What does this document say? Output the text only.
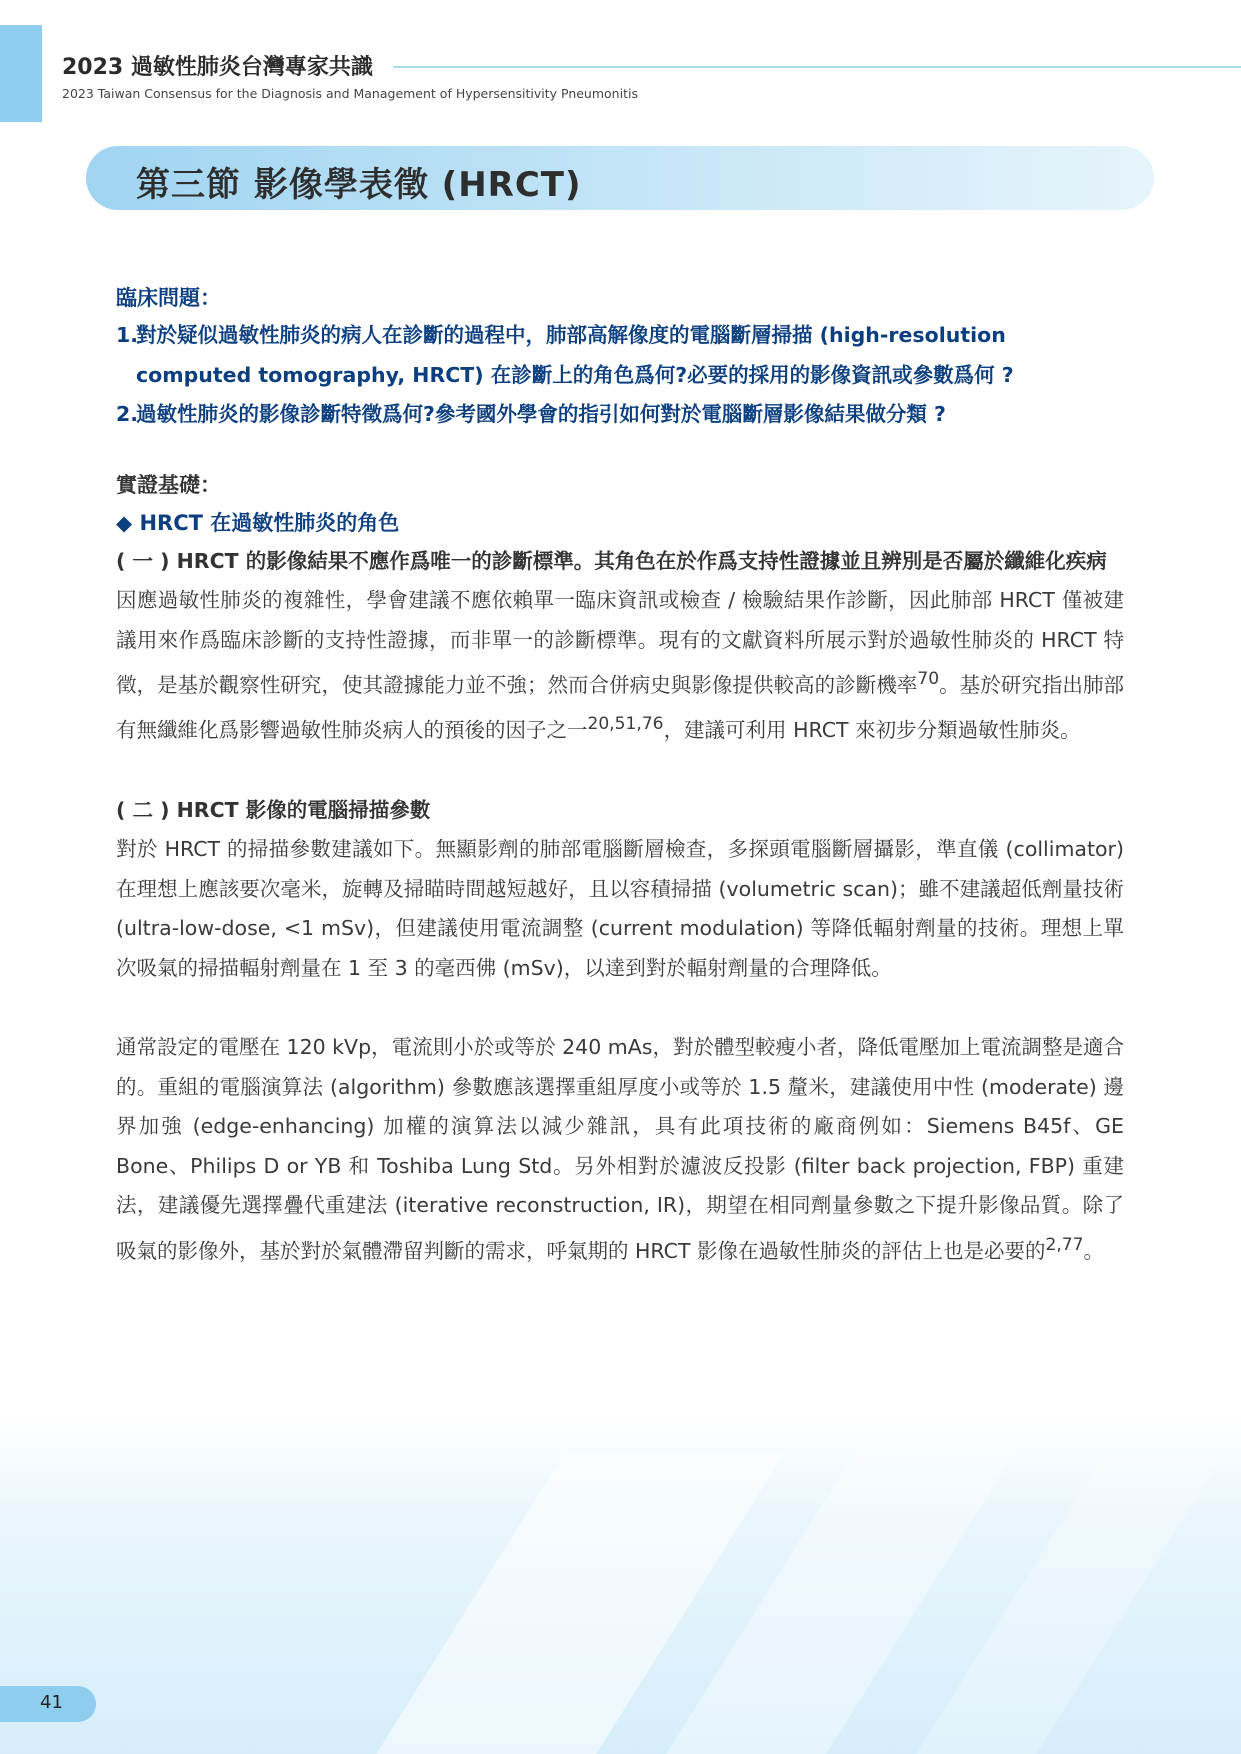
2023 過敏性肺炎台灣專家共識
2023 Taiwan Consensus for the Diagnosis and Management of Hypersensitivity Pneumonitis
第三節 影像學表徵 (HRCT)

臨床問題：

1.
對於疑似過敏性肺炎的病人在診斷的過程中，肺部高解像度的電腦斷層掃描 (high-resolution computed tomography, HRCT) 在診斷上的角色爲何?必要的採用的影像資訊或參數爲何 ?
2.
過敏性肺炎的影像診斷特徵爲何?參考國外學會的指引如何對於電腦斷層影像結果做分類 ?

實證基礎：

◆ HRCT 在過敏性肺炎的角色

( 一 ) HRCT 的影像結果不應作爲唯一的診斷標準。其角色在於作爲支持性證據並且辨別是否屬於纖維化疾病

因應過敏性肺炎的複雜性，學會建議不應依賴單一臨床資訊或檢查 / 檢驗結果作診斷，因此肺部 HRCT 僅被建議用來作爲臨床診斷的支持性證據，而非單一的診斷標準。現有的文獻資料所展示對於過敏性肺炎的 HRCT 特徵，是基於觀察性研究，使其證據能力並不強；然而合併病史與影像提供較高的診斷機率$^{70}$。基於研究指出肺部有無纖維化爲影響過敏性肺炎病人的預後的因子之一$^{20,51,76}$，建議可利用 HRCT 來初步分類過敏性肺炎。

( 二 ) HRCT 影像的電腦掃描參數

對於 HRCT 的掃描參數建議如下。無顯影劑的肺部電腦斷層檢查，多探頭電腦斷層攝影，準直儀 (collimator) 在理想上應該要次毫米，旋轉及掃瞄時間越短越好，且以容積掃描 (volumetric scan)；雖不建議超低劑量技術 (ultra-low-dose, <1 mSv)，但建議使用電流調整 (current modulation) 等降低輻射劑量的技術。理想上單次吸氣的掃描輻射劑量在 1 至 3 的毫西佛 (mSv)，以達到對於輻射劑量的合理降低。

通常設定的電壓在 120 kVp，電流則小於或等於 240 mAs，對於體型較瘦小者，降低電壓加上電流調整是適合的。重組的電腦演算法 (algorithm) 參數應該選擇重組厚度小或等於 1.5 釐米，建議使用中性 (moderate) 邊界加強 (edge-enhancing) 加權的演算法以減少雜訊，具有此項技術的廠商例如：Siemens B45f、GE Bone、Philips D or YB 和 Toshiba Lung Std。另外相對於濾波反投影 (filter back projection, FBP) 重建法，建議優先選擇疊代重建法 (iterative reconstruction, IR)，期望在相同劑量參數之下提升影像品質。除了吸氣的影像外，基於對於氣體滯留判斷的需求，呼氣期的 HRCT 影像在過敏性肺炎的評估上也是必要的$^{2,77}$。

41
